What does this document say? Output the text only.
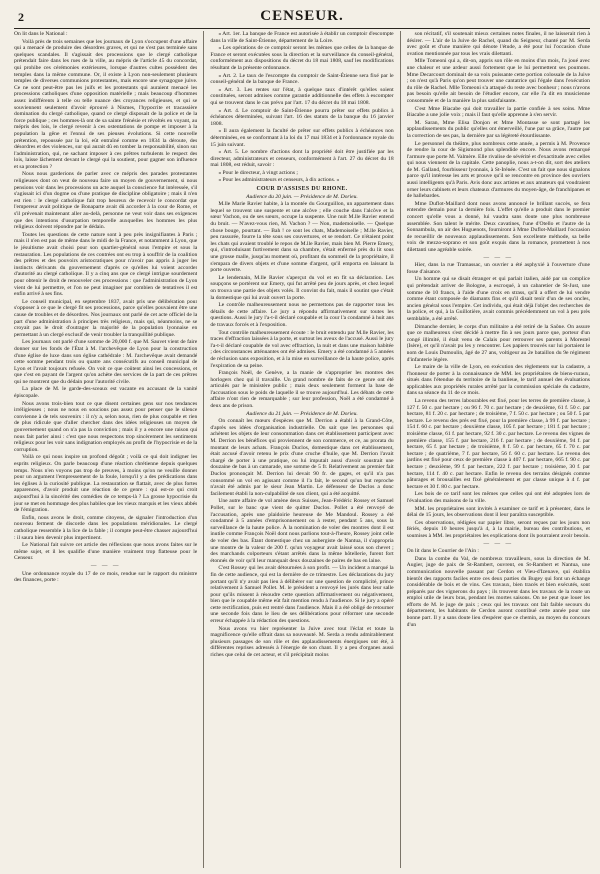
2	CENSEUR.

On lit dans le National :

Voilà près de trois semaines que les journaux de Lyon s'occupent d'une affaire qui a menacé de produire des désordres graves, et qui ne s'est pas terminée sans quelques scandales. Il s'agissait des processions que le clergé catholique prétendait faire dans les rues de la ville, au mépris de l'article 45 du concordat, qui prohibe ces cérémonies extérieures, lorsque d'autres cultes possèdent des temples dans la même commune. Or, il existe à Lyon non-seulement plusieurs temples de diverses communions protestantes, mais encore une synagogue juive. Ce ne sont peut-être pas les juifs et les protestants qui auraient menacé les processions catholiques d'une opposition matérielle ; mais beaucoup d'hommes assez indifférents à telle ou telle nuance des croyances religieuses, et qui se souviennent seulement d'avoir éprouvé à Nismes, l'hypocrite et tracassière domination du clergé catholique, quand ce clergé disposait de la police et de la force publique ; ces hommes-là ont de sa sainte frénésie et révoltés en voyant, au mépris des lois, le clergé revenir à ces ostentations de pompe et imposer à la population la gêne et l'ennui de ses pieuses évolutions. Si cette nouvelle prétention, repoussée par la loi, eût entraîné comme en 1834 la déroute, des désordres et des violences, sur qui aurait dû en tomber la responsabilité, sinon sur l'administration, qui, ne sachant imposer à ces prêtres turbulents le respect des lois, laisse lâchement devant le clergé qui la soutient, pour gagner son influence et sa protection ?

Nous nous garderions de parler avec ce mépris des parades protestantes religieuses dont on veut de nouveau faire un moyen de gouvernement, si nous pensions voir dans les processions un acte auquel la conscience fut intéressée, s'il s'agissait ici d'un dogme ou d'une pratique de discipline obligatoire ; mais il n'en est rien : le clergé catholique fait trop heureux de recevoir le concordat que l'empereur avait politique de Bonaparte avait dû accorder à la cour de Rome, et s'il prévenait maintenant aller au-delà, personne ne veut voir dans ses exigences que des intentions d'usurpation temporelle auxquelles les hommes les plus religieux doivent répondre par le dédain.

Toutes les questions de cette nature sont à peu près insignifiantes à Paris ; mais il n'en est pas de même dans le midi de la France, et notamment à Lyon, que le jésuitisme avait choisi pour son quartier-général sous l'empire et sous la restauration. Les populations de ces contrées ont eu trop à souffrir de la coalition des prêtres et des pouvoirs aristocratiques pour n'avoir pas appris à juger les instincts dérivants du gouvernement d'après ce qu'elles lui voient accorder d'autorité au clergé catholique. Il y a cinq ans que ce clergé intrigue sourdement pour obtenir le droit de renouveler ces processions : que l'administration de Lyon vient de lui permettre, et l'on ne peut imaginer par combien de tentatives il est enfin arrivé à ses fins.

Le conseil municipal, en septembre 1837, avait pris une délibération pour s'opposer à ce que le clergé fit ses processions, parce qu'elles pouvaient être une cause de troubles et de désordres. Nos journaux ont parlé de cet acte officiel de la part d'une administration à principes très religieux, mais qui, néanmoins, ne se croyait pas le droit d'outrager la majorité de la population lyonnaise en permettant à un clergé exclusif de venir troubler la tranquillité publique.

Les journaux ont parlé d'une somme de 20,000 f. que M. Sauvet vient de faire donner sur les fonds de l'État à M. l'archevêque de Lyon pour la construction d'une église de luxe dans son église cathédrale : M. l'archevêque avait demandé cette somme pendant trois ou quatre ans consécutifs au conseil municipal de Lyon et l'avait toujours refusée. On voit ce que coûtent ainsi les concessions, et que c'est en payant de l'argent qu'on achète des services de la part de ces prêtres qui ne montrent que du dédain pour l'autorité civile.

La place de M. le garde-des-sceaux est vacante en accusant de la vanité épiscopale.

Nous avons trois-bien tout ce que disent certaines gens sur nos tendances irréligieuses ; nous ne nous en soucions pas assez pour penser que le silence convienne à de tels souvenirs : il n'y a, selon nous, rien de plus coupable et rien de plus ridicule que d'aller chercher dans des idées religieuses un moyen de gouvernement quand on n'a pas la conviction ; mais il y a encore une raison qui nous fait parler ainsi : c'est que nous respectons trop sincèrement les sentiments religieux pour les voir sans indignation employés au profit de l'hypocrisie et de la corruption.

Voilà ce qui nous inspire un profond dégoût ; voilà ce qui doit indigner les esprits religieux. On parle beaucoup d'une réaction chrétienne depuis quelques temps. Nous n'en voyons pas trop de preuves, à moins qu'on ne veuille donner pour un argument l'empressement de la foule, lorsqu'il y a des prédications dans les églises à la curiosité publique. La restauration se flattait, avec de plus fortes apparences, d'avoir produit une réaction de ce genre : qui est-ce qui croit aujourd'hui à la sincérité des comédies de ce temps-là ? La grosse hypocrisie du jour se met en hommage des plus habiles que les vieux marquis et les vieux abbés de l'émigration.

Enfin, nous avons le droit, comme citoyens, de signaler l'introduction d'un nouveau ferment de discorde dans les populations méridionales. Le clergé catholique ressemble à la lice de la fable ; il compte peut-être chasser aujourd'hui : il saura bien devenir plus impertinent.

Le National fait suivre cet article des réflexions que nous avons faites sur le même sujet, et il les qualifie d'une manière vraiment trop flatteuse pour le Censeur.

— — —

Une ordonnance royale du 17 de ce mois, rendue sur le rapport du ministre des finances, porte :

« Art. 1er. La banque de France est autorisée à établir un comptoir d'escompte dans la ville de Saint-Étienne, département de la Loire.

« Les opérations de ce comptoir seront les mêmes que celles de la banque de France et seront exécutées sous la direction et la surveillance du conseil-général, conformément aux dispositions du décret du 18 mai 1808, sauf les modifications résultant de la présente ordonnance.

« Art. 2. Le taux de l'escompte du comptoir de Saint-Étienne sera fixé par le conseil-général de la banque de France.

« Art. 3. Les rentes sur l'état, à quelque taux d'intérêt qu'elles soient constituées, seront admises comme garantie additionnelle des effets à escompter qui se trouvent dans le cas prévu par l'art. 17 du décret du 18 mai 1808.

« Art. 4. Le comptoir de Saint-Étienne pourra prêter sur effets publics à échéances déterminées, suivant l'art. 16 des statuts de la banque du 16 janvier 1808.

« Il aura également la faculté de prêter sur effets publics à échéances non déterminées, en se conformant à la loi du 17 mai 1834 et à l'ordonnance royale du 15 juin suivant.

« Art. 5. Le nombre d'actions dont la propriété doit être justifiée par les directeur, administrateurs et censeurs, conformément à l'art. 27 du décret du 18 mai 1808, est réduit, savoir :

« Pour le directeur, à vingt actions ;

« Pour les administrateurs et censeurs, à dix actions. »

COUR D'ASSISES DU RHONE.

Audience du 20 juin. — Présidence de M. Dorieu.

M.lle Marie Ravier habite, à la montée du Gourguillon, un appartement dans lequel se trouvent une suspente et une alcôve ; elle couche dans l'alcôve et la sœur Vachon, ou de ses sœurs, occupe la suspente. Une nuit M.lle Ravier entend du bruit. — N'avez-vous rien, M. Vachon ? — Non, mademoiselle. — Quelque chose bouge, pourtant. — Bah ! ce sont les chats, Mademoiselle ; M.lle Ravier, peu rassurée, fourre la tête sous ses couvertures, et se rendort. Ce n'étaient point les chats qui avaient troublé le repos de M.lle Ravier, mais bien M. Pierre Emery, qui, s'introduisant furtivement dans sa chambre, s'était enfermé près du lit sous une grosse malle, jusqu'au moment où, profitant du sommeil de la propriétaire, il s'empara de divers objets et d'une somme d'argent, qu'il emporta en laissant la porte ouverte.

Le lendemain, M.lle Ravier s'aperçut du vol et en fit sa déclaration. Les soupçons se portèrent sur Emery, qui fut arrêté peu de jours après, et chez lequel on trouva une partie des objets volés. Il convint du fait, mais il soutint que c'était la domestique qui lui avait ouvert la porte.

Le contrôle malheureusement nous ne permettons pas de rapporter tous les détails de cette affaire. Le jury a répondu affirmativement sur toutes les questions. Aussi le jury l'a-t-il déclaré coupable et la cour l'a condamné à huit ans de travaux forcés et à l'exposition.

Tout contrôle malheureusement écoute : le bruit entendu par M.lle Ravier, les traces d'effraction laissées à la porte, et surtout les aveux de l'accusé. Aussi le jury l'a-t-il déclaré coupable de vol avec effraction, la nuit et dans une maison habitée ; des circonstances atténuantes ont été admises. Emery a été condamné à 5 années de réclusion sans exposition, et à la mise en surveillance de la haute police, après l'expiration de sa peine.

François Noël, de Genève, a la manie de s'approprier les montres des horlogers chez qui il travaille. Un grand nombre de faits de ce genre ont été articulés par le ministère public ; mais deux seulement forment la base de l'accusation sous le poids de laquelle il se trouve aujourd'hui. Les débats de cette affaire n'ont rien de remarquable ; sur leur profession, Noël a été condamné à deux ans de prison.

Audience du 21 juin. — Présidence de M. Dorieu.

On connaît les mœurs d'espèces que M. Derrion a établi à la Grand-Côte, d'après ses idées d'organisation industrielle. On sait que les personnes qui achètent les objets de leur consommation dans cet établissement participent avec M. Derrion les bénéfices qui proviennent de son commerce, et ce, au prorata du montant de leurs achats. François Duclos, domestique dans cet établissement, était accusé d'avoir retenu le prix d'une cruche d'huile, que M. Derrion l'avait chargé de porter à une pratique, ou lui imputait aussi d'avoir soustrait une douzaine de bas à un camarade, une somme de 5 fr. Relativement au premier fait Duclos prononçait M. Derrion lui devait 90 fr. de gages, et qu'il n'a pas consommé un vol en agissant comme il l'a fait, le second qu'un but reproche n'avait été admis par le sieur Jean Martin. Le défenseur de Duclos a donc facilement établi la non-culpabilité de son client, qui a été acquitté.

Une autre affaire de vol amène deux Suisses, Jean-Frédéric Rossey et Samuel Pollet, sur le banc que vient de quitter Duclos. Pollet a été renvoyé de l'accusation, après une plaidoirie heureuse de Me Mandoul. Rossey a été condamné à 5 années d'emprisonnement ou à rester, pendant 5 ans, sous la surveillance de la haute police. À la nomination de voler des montres dont il est inutile comme François Noël dont nous parlions tout-à-l'heure, Rossey joint celle de voler des bas. Étant domestique chez un aubergiste de Nantua, il s'appropria une montre de la valeur de 200 f. qu'un voyageur avait laissé sous son chevet ; des marchands colporteurs s'étant arrêtés dans la même hôtellerie, furent fort étonnés de voir qu'il leur manquait deux douzaines de paires de bas en laine.

C'est Rossey qui les avait détournées à son profit. — Un incident a marqué la fin de cette audience, qui est la dernière de ce trimestre. Les déclarations du jury portant qu'il n'y avait pas lieu à délibérer sur une question de complicité, prince relativement à Samuel Pollet. M. le président a renvoyé les jurés dans leur salle pour qu'ils missent à résoudre cette question affirmativement ou négativement, bien que le coupable même eût fait mention rendu à l'audience. Si le jury a opéré cette rectification, puis est rentré dans l'audience. Mais il a été obligé de retourner une seconde fois dans le lieu de ses délibérations pour réformer une seconde erreur échappée à la rédaction des questions.

Nous avons vu hier représenter la Juive avec tout l'éclat et toute la magnificence qu'elle offrait dans sa nouveauté. M. Serda a rendu admirablement plusieurs passages de son rôle et des applaudissements énergiques ont été, à différentes reprises adressés à l'énergie de son chant. Il y a peu d'organes aussi riches que celui de cet acteur, et s'il précipitait moins

son récitatif, s'il soutenait mieux certaines notes finales, il ne laisserait rien à désirer. — L'air de la Juive de Rachel, quand du Seigneur, chanté par M. Serda avec goût et d'une manière qui dénote l'étude, a été pour lui l'occasion d'une ovation mentionnée par tous les vrais dilettanti.

Mlle Tomeoni qui a, dit-on, appris son rôle en moins d'un mois, l'a joué avec une chaleur et une ardeur aussi fortement que le lui permettent ses poumons. Mme Decarcourt dominait de sa voix puissante cette portion colossale de la Juive ; on n'est qu'à Paris qu'on peut trouver une cantatrice qui l'égale dans l'exécution du rôle de Rachel. Mlle Tomeoni s'a attaqué du reste avec bonheur ; nous n'avons pas besoin qu'elle ait besoin de l'étudier encore, car elle l'a dit en musicienne consommée et de la manière la plus satisfaisante.

C'est Mme Biacabe qui doit travailler la partie confiée à ses soins. Mme Biacabe a une jolie voix ; mais il faut qu'elle apprenne à s'en servir.

M. Saran, Mme Elisa Donjon et Mme Montasse se sont partagé les applaudissements du public qu'elles ont émerveillé, l'une par sa grâce, l'autre par la correction de ses pas, la dernière par sa légèreté étourdissante.

Le personnel du théâtre, plus nombreux cette année, a permis à M. Provence de rendre la cour de Sigismond plus splendide encore. Nous avons remarqué l'armure que porte M. Valmère. Elle rivalise de sévérité et d'exactitude avec celles qui nous viennent de la capitale. Cette panoplie, nous a-t-on dit, sort des ateliers de M. Galland, fourbisseur lyonnais, à St-Irénée. C'est un fait que nous signalons parce qu'il intéresse les arts et prouve qu'il se rencontre en province des ouvriers aussi intelligents qu'à Paris. Avis donc aux artistes et aux amateurs qui voudraient orner leurs cabinets et leurs chateaux d'armures du moyen-âge, de franchipanes et de hallebardes.

Mme Duflot-Maillard dont nous avons annoncé le brillant succès, se fera entendre demain pour la dernière fois. L'effet qu'elle a produit dans le premier concert qu'elle vous a donné, lui vaudra sans doute une plus nombreuse assemblée. Son talent le mérite. Deux cavatines, l'une d'Otello et l'autre de la Sonnambula, un air des Huguenots, fourniront à Mme Duflot-Maillard l'occasion de recueillir de nouveaux applaudissements. Son excellente méthode, sa belle voix de mezzo-soprano et son goût exquis dans la romance, promettent à nos dilettanti une agréable soirée.

— — —

Hier, dans la rue Tramassac, un ouvrier a été asphyxié à l'ouverture d'une fosse d'aisance.

Un homme qui se disait étranger et qui parlait italien, aidé par un complice qui prétendait arriver de Bologne, a escroqué, à un cabaretier de St-Just, une somme de 10 francs, à l'aide d'une croix en strass, qu'il a offert de lui vendre comme étant composée de diamants fins et qu'il disait tenir d'un de ses oncles, ancien général sous l'empire. Cet individu, qui était déjà l'objet des recherches de la police, et qui, à la Guillotière, avait commis précédemment un vol à peu près semblable, a été arrêté.

Dimanche dernier, le corps d'un militaire a été retiré de la Saône. On assure que ce malheureux s'est décidé à mettre fin à ses jours parce que, porteur d'un congé illimité, il était venu de Calais pour retrouver ses parents à Morestel (Isère), et qu'il n'avait pu les y rencontrer. Les papiers trouvés sur lui portaient le nom de Louis Dumoulin, âgé de 27 ans, voltigeur au 2e bataillon du 9e régiment d'infanterie légère.

Le maire de la ville de Lyon, en exécution des règlements sur la cadastre, a l'honneur de porter à la connaissance de MM. les propriétaires de biens-ruraux, situés dans l'étendue du territoire de la banlieue, le tarif annuel des évaluations applicables aux propriétés rurales arrêté par la commission spéciale du cadastre, dans sa séance du 11 de ce mois.

La revenu des terres labourables est fixé, pour les terres de première classe, à 127 f. 50 c. par hectare ; ou 96 f. 70 c. par hectare ; de deuxième, 61 f. 50 c. par hectare, 81 f. 20 c. par hectare ; de troisième, 7 f. 50 c. par hectare ; ou 50 f. 5 par hectare. Le revenu des prés est fixé, pour la première classe, à 99 f. par hectare ; 154 f. 60 c. par hectare ; deuxième classe, 105 f. par hectare ; 181 f. par hectare ; troisième classe, 61 f. par hectare, 92 f. 30 c. par hectare. Le revenu des vignes de première classe, 155 f. par hectare, 216 f. par hectare ; de deuxième, 94 f. par hectare, 65 f. par hectare ; de troisième, 8 f. 50 c. par hectare, 65 f. 70 c. par hectare ; de quatrième, 7 f. par hectare, 56 f. 60 c. par hectare. Le revenu des jardins est fixé pour ceux de première classe à 407 f. par hectare, 665 f. 90 c. par hectare ; deuxième, 99 f. par hectare, 222 f. par hectare ; troisième, 30 f. par hectare, 114 f. 40 c. par hectare. Enfin le revenu des terrains désignés comme pâturages et brousailles est fixé généralement et par classe unique à 4 f. par hectare et 30 f. 80 c. par hectare.

Les bois de ce tarif sont les mêmes que celles qui ont été adoptées lors de l'évaluation des maisons de la ville.

MM. les propriétaires sont invités à examiner ce tarif et à présenter, dans le délai de 15 jours, les observations dont il leur paraîtra susceptible.

Ces observations, rédigées sur papier libre, seront reçues par les jours non fériés, depuis 10 heures jusqu'à 4, à la mairie, bureau des contributions, et soumises à MM. les propriétaires les explications dont ils pourraient avoir besoin.

— — —

On lit dans le Courrier de l'Ain :

Dans la combe du Val, de nombreux travailleurs, sous la direction de M. Augier, juge de paix de St-Rambert, ouvrent, en St-Rambert et Nantua, une communication nouvelle passant par Cerdon et Vieu-d'Izenave, qui établira bientôt des rapports faciles entre ces deux parties du Bugey qui font un échange considérable de bois et de vins. Ces travaux, bien tracés et bien exécutés, sont préparés par des vignerons du pays ; ils trouvent dans les travaux de la route un emploi utile de leurs bras, pendant les mortes saisons. On ne peut que louer les efforts de M. le juge de paix ; ceux qui les travaux ont fait faible secours du département, les habitants de Cerdon auront contribué cette année pour une bonne part. Il y a sans doute lieu d'espérer que ce chemin, au moyen du concours d'un
